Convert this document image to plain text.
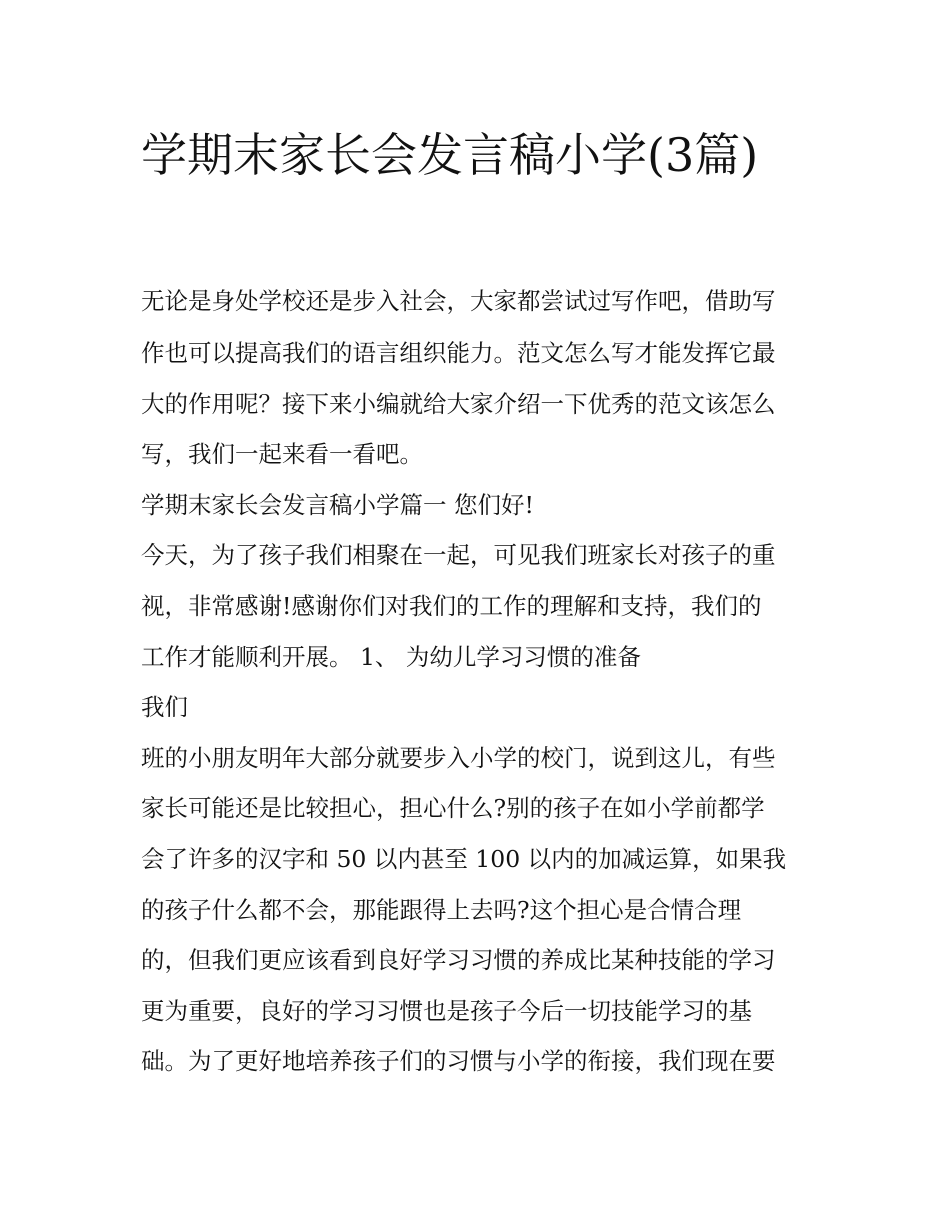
学期末家长会发言稿小学(3篇)

无论是身处学校还是步入社会，大家都尝试过写作吧，借助写

作也可以提高我们的语言组织能力。范文怎么写才能发挥它最

大的作用呢？接下来小编就给大家介绍一下优秀的范文该怎么

写，我们一起来看一看吧。

学期末家长会发言稿小学篇一 您们好!

今天，为了孩子我们相聚在一起，可见我们班家长对孩子的重

视，非常感谢!感谢你们对我们的工作的理解和支持，我们的

工作才能顺利开展。 1、 为幼儿学习习惯的准备

我们

班的小朋友明年大部分就要步入小学的校门，说到这儿，有些

家长可能还是比较担心，担心什么?别的孩子在如小学前都学

会了许多的汉字和 50 以内甚至 100 以内的加减运算，如果我

的孩子什么都不会，那能跟得上去吗?这个担心是合情合理

的，但我们更应该看到良好学习习惯的养成比某种技能的学习

更为重要，良好的学习习惯也是孩子今后一切技能学习的基

础。为了更好地培养孩子们的习惯与小学的衔接，我们现在要
